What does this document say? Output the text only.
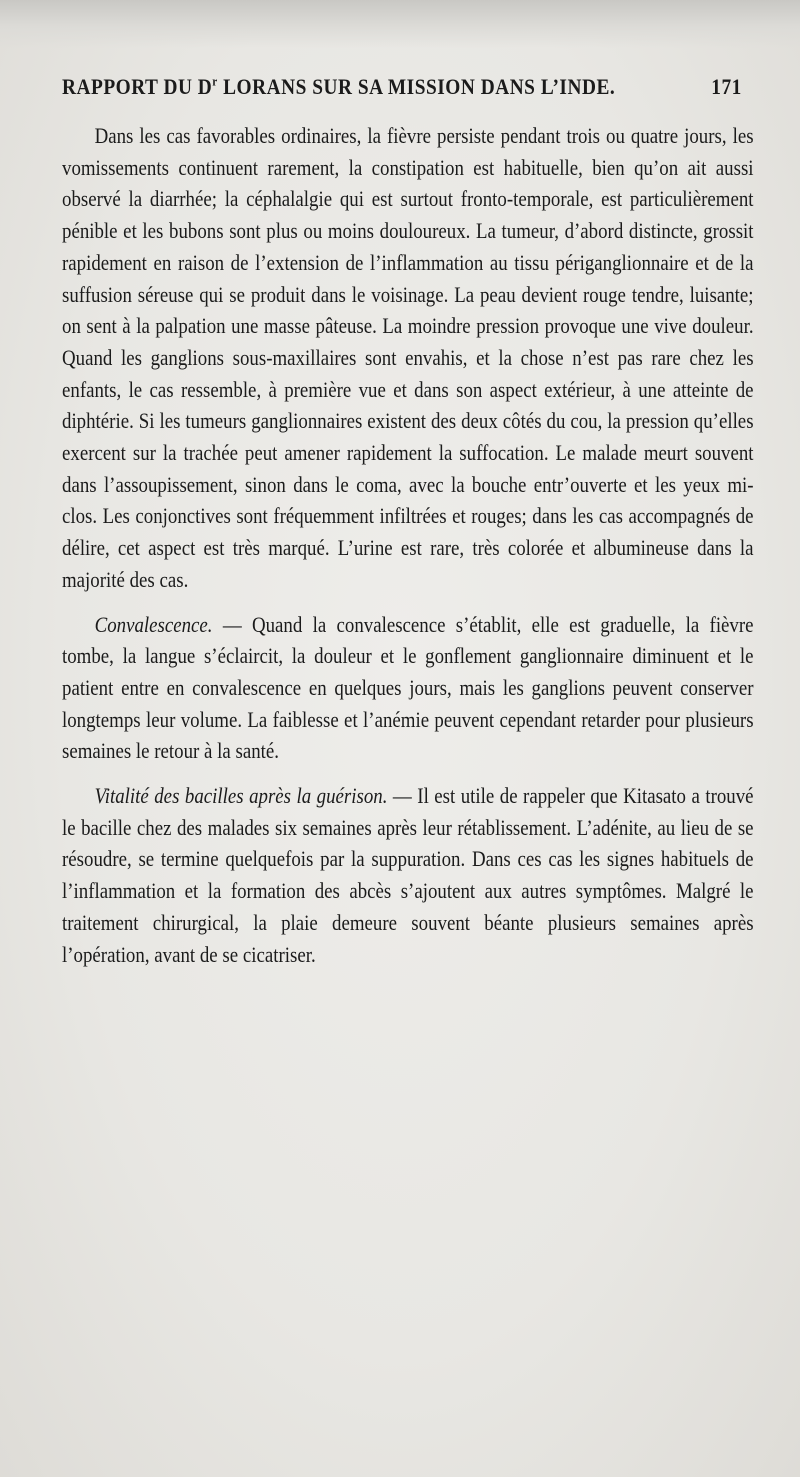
RAPPORT DU $D^r$ LORANS SUR SA MISSION DANS L’INDE.	171

Dans les cas favorables ordinaires, la fièvre persiste pendant trois ou quatre jours, les vomissements continuent rarement, la constipation est habituelle, bien qu’on ait aussi observé la diarrhée; la céphalalgie qui est surtout fronto-temporale, est particulièrement pénible et les bubons sont plus ou moins douloureux. La tumeur, d’abord distincte, grossit rapidement en raison de l’extension de l’inflammation au tissu périganglionnaire et de la suffusion séreuse qui se produit dans le voisinage. La peau devient rouge tendre, luisante; on sent à la palpation une masse pâteuse. La moindre pression provoque une vive douleur. Quand les ganglions sous-maxillaires sont envahis, et la chose n’est pas rare chez les enfants, le cas ressemble, à première vue et dans son aspect extérieur, à une atteinte de diphtérie. Si les tumeurs ganglionnaires existent des deux côtés du cou, la pression qu’elles exercent sur la trachée peut amener rapidement la suffocation. Le malade meurt souvent dans l’assoupissement, sinon dans le coma, avec la bouche entr’ouverte et les yeux mi-clos. Les conjonctives sont fréquemment infiltrées et rouges; dans les cas accompagnés de délire, cet aspect est très marqué. L’urine est rare, très colorée et albumineuse dans la majorité des cas.

Convalescence. — Quand la convalescence s’établit, elle est graduelle, la fièvre tombe, la langue s’éclaircit, la douleur et le gonflement ganglionnaire diminuent et le patient entre en convalescence en quelques jours, mais les ganglions peuvent conserver longtemps leur volume. La faiblesse et l’anémie peuvent cependant retarder pour plusieurs semaines le retour à la santé.

Vitalité des bacilles après la guérison. — Il est utile de rappeler que Kitasato a trouvé le bacille chez des malades six semaines après leur rétablissement. L’adénite, au lieu de se résoudre, se termine quelquefois par la suppuration. Dans ces cas les signes habituels de l’inflammation et la formation des abcès s’ajoutent aux autres symptômes. Malgré le traitement chirurgical, la plaie demeure souvent béante plusieurs semaines après l’opération, avant de se cicatriser.
